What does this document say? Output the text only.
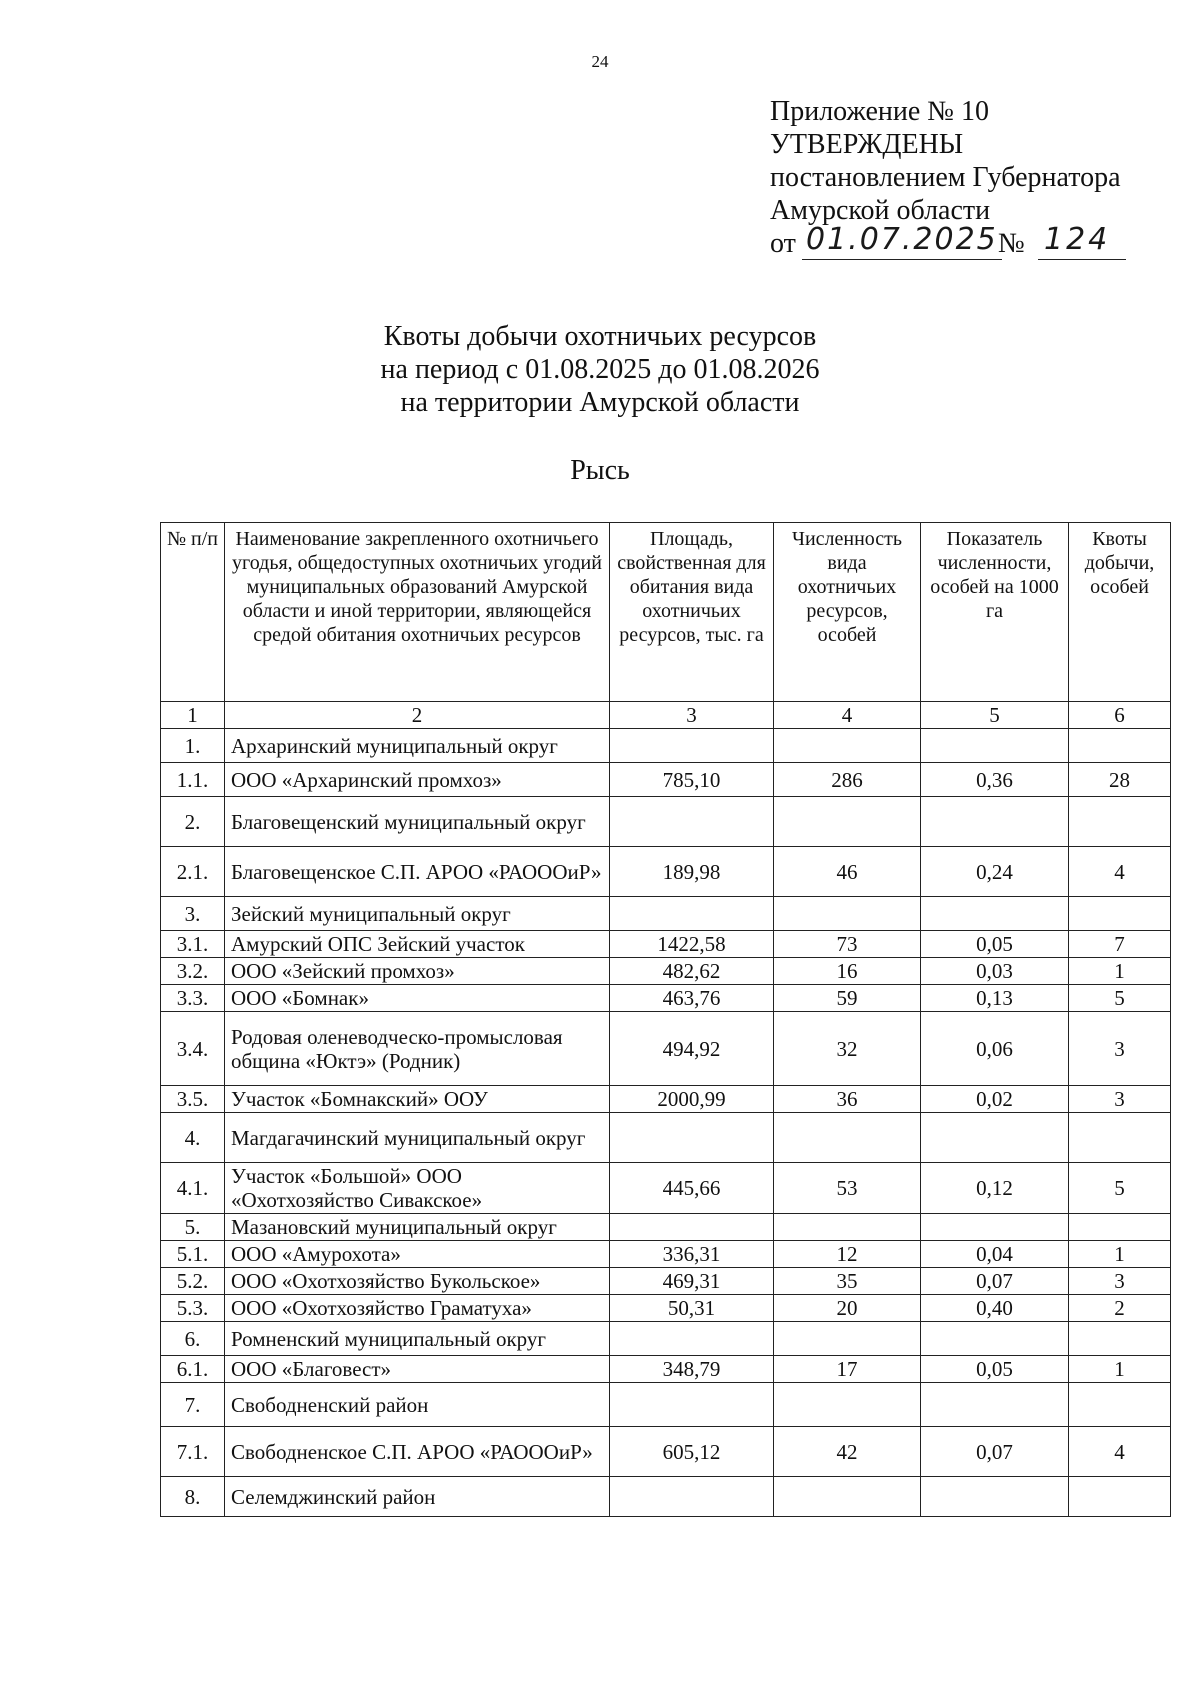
24
Приложение № 10
УТВЕРЖДЕНЫ
постановлением Губернатора
Амурской области
от 01.07.2025 № 124
Квоты добычи охотничьих ресурсов
на период с 01.08.2025 до 01.08.2026
на территории Амурской области
Рысь
№ п/п	Наименование закрепленного охотничьего угодья, общедоступных охотничьих угодий муниципальных образований Амурской области и иной территории, являющейся средой обитания охотничьих ресурсов	Площадь, свойственная для обитания вида охотничьих ресурсов, тыс. га	Численность вида охотничьих ресурсов, особей	Показатель численности, особей на 1000 га	Квоты добычи, особей
1	2	3	4	5	6
1.	Архаринский муниципальный округ				
1.1.	ООО «Архаринский промхоз»	785,10	286	0,36	28
2.	Благовещенский муниципальный округ				
2.1.	Благовещенское С.П. АРОО «РАОООиР»	189,98	46	0,24	4
3.	Зейский муниципальный округ				
3.1.	Амурский ОПС Зейский участок	1422,58	73	0,05	7
3.2.	ООО «Зейский промхоз»	482,62	16	0,03	1
3.3.	ООО «Бомнак»	463,76	59	0,13	5
3.4.	Родовая оленеводческо-промысловая община «Юктэ» (Родник)	494,92	32	0,06	3
3.5.	Участок «Бомнакский» ООУ	2000,99	36	0,02	3
4.	Магдагачинский муниципальный округ				
4.1.	Участок «Большой» ООО «Охотхозяйство Сивакское»	445,66	53	0,12	5
5.	Мазановский муниципальный округ				
5.1.	ООО «Амурохота»	336,31	12	0,04	1
5.2.	ООО «Охотхозяйство Букольское»	469,31	35	0,07	3
5.3.	ООО «Охотхозяйство Граматуха»	50,31	20	0,40	2
6.	Ромненский муниципальный округ				
6.1.	ООО «Благовест»	348,79	17	0,05	1
7.	Свободненский район				
7.1.	Свободненское С.П. АРОО «РАОООиР»	605,12	42	0,07	4
8.	Селемджинский район				
